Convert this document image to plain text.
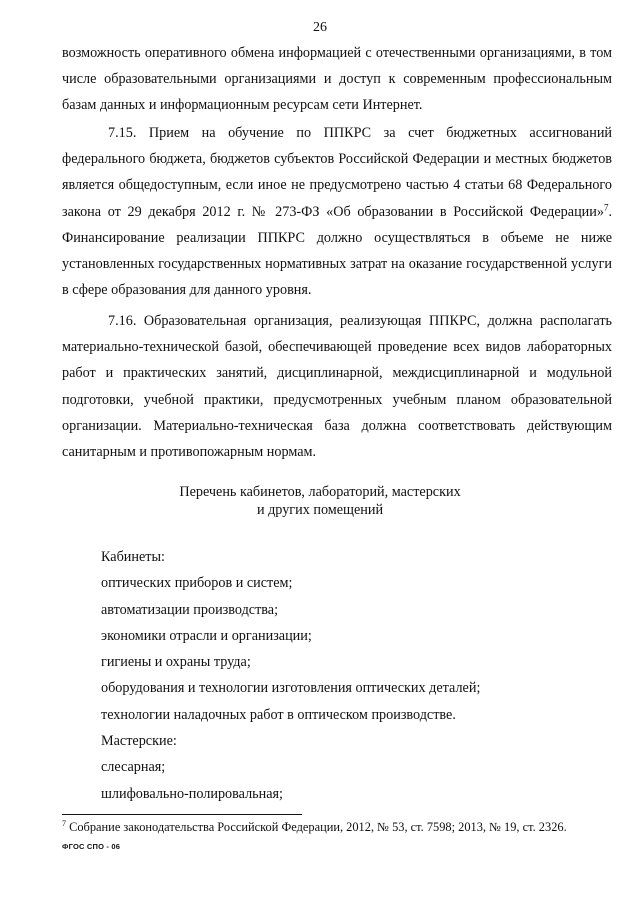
26

возможность оперативного обмена информацией с отечественными организациями, в том числе образовательными организациями и доступ к современным профессиональным базам данных и информационным ресурсам сети Интернет.

7.15. Прием на обучение по ППКРС за счет бюджетных ассигнований федерального бюджета, бюджетов субъектов Российской Федерации и местных бюджетов является общедоступным, если иное не предусмотрено частью 4 статьи 68 Федерального закона от 29 декабря 2012 г. № 273-ФЗ «Об образовании в Российской Федерации»$^7$. Финансирование реализации ППКРС должно осуществляться в объеме не ниже установленных государственных нормативных затрат на оказание государственной услуги в сфере образования для данного уровня.

7.16. Образовательная организация, реализующая ППКРС, должна располагать материально-технической базой, обеспечивающей проведение всех видов лабораторных работ и практических занятий, дисциплинарной, междисциплинарной и модульной подготовки, учебной практики, предусмотренных учебным планом образовательной организации. Материально-техническая база должна соответствовать действующим санитарным и противопожарным нормам.

Перечень кабинетов, лабораторий, мастерских
и других помещений
Кабинеты:
оптических приборов и систем;
автоматизации производства;
экономики отрасли и организации;
гигиены и охраны труда;
оборудования и технологии изготовления оптических деталей;
технологии наладочных работ в оптическом производстве.
Мастерские:
слесарная;
шлифовально-полировальная;
$^7$ Собрание законодательства Российской Федерации, 2012, № 53, ст. 7598; 2013, № 19, ст. 2326.
ФГОС СПО - 06
